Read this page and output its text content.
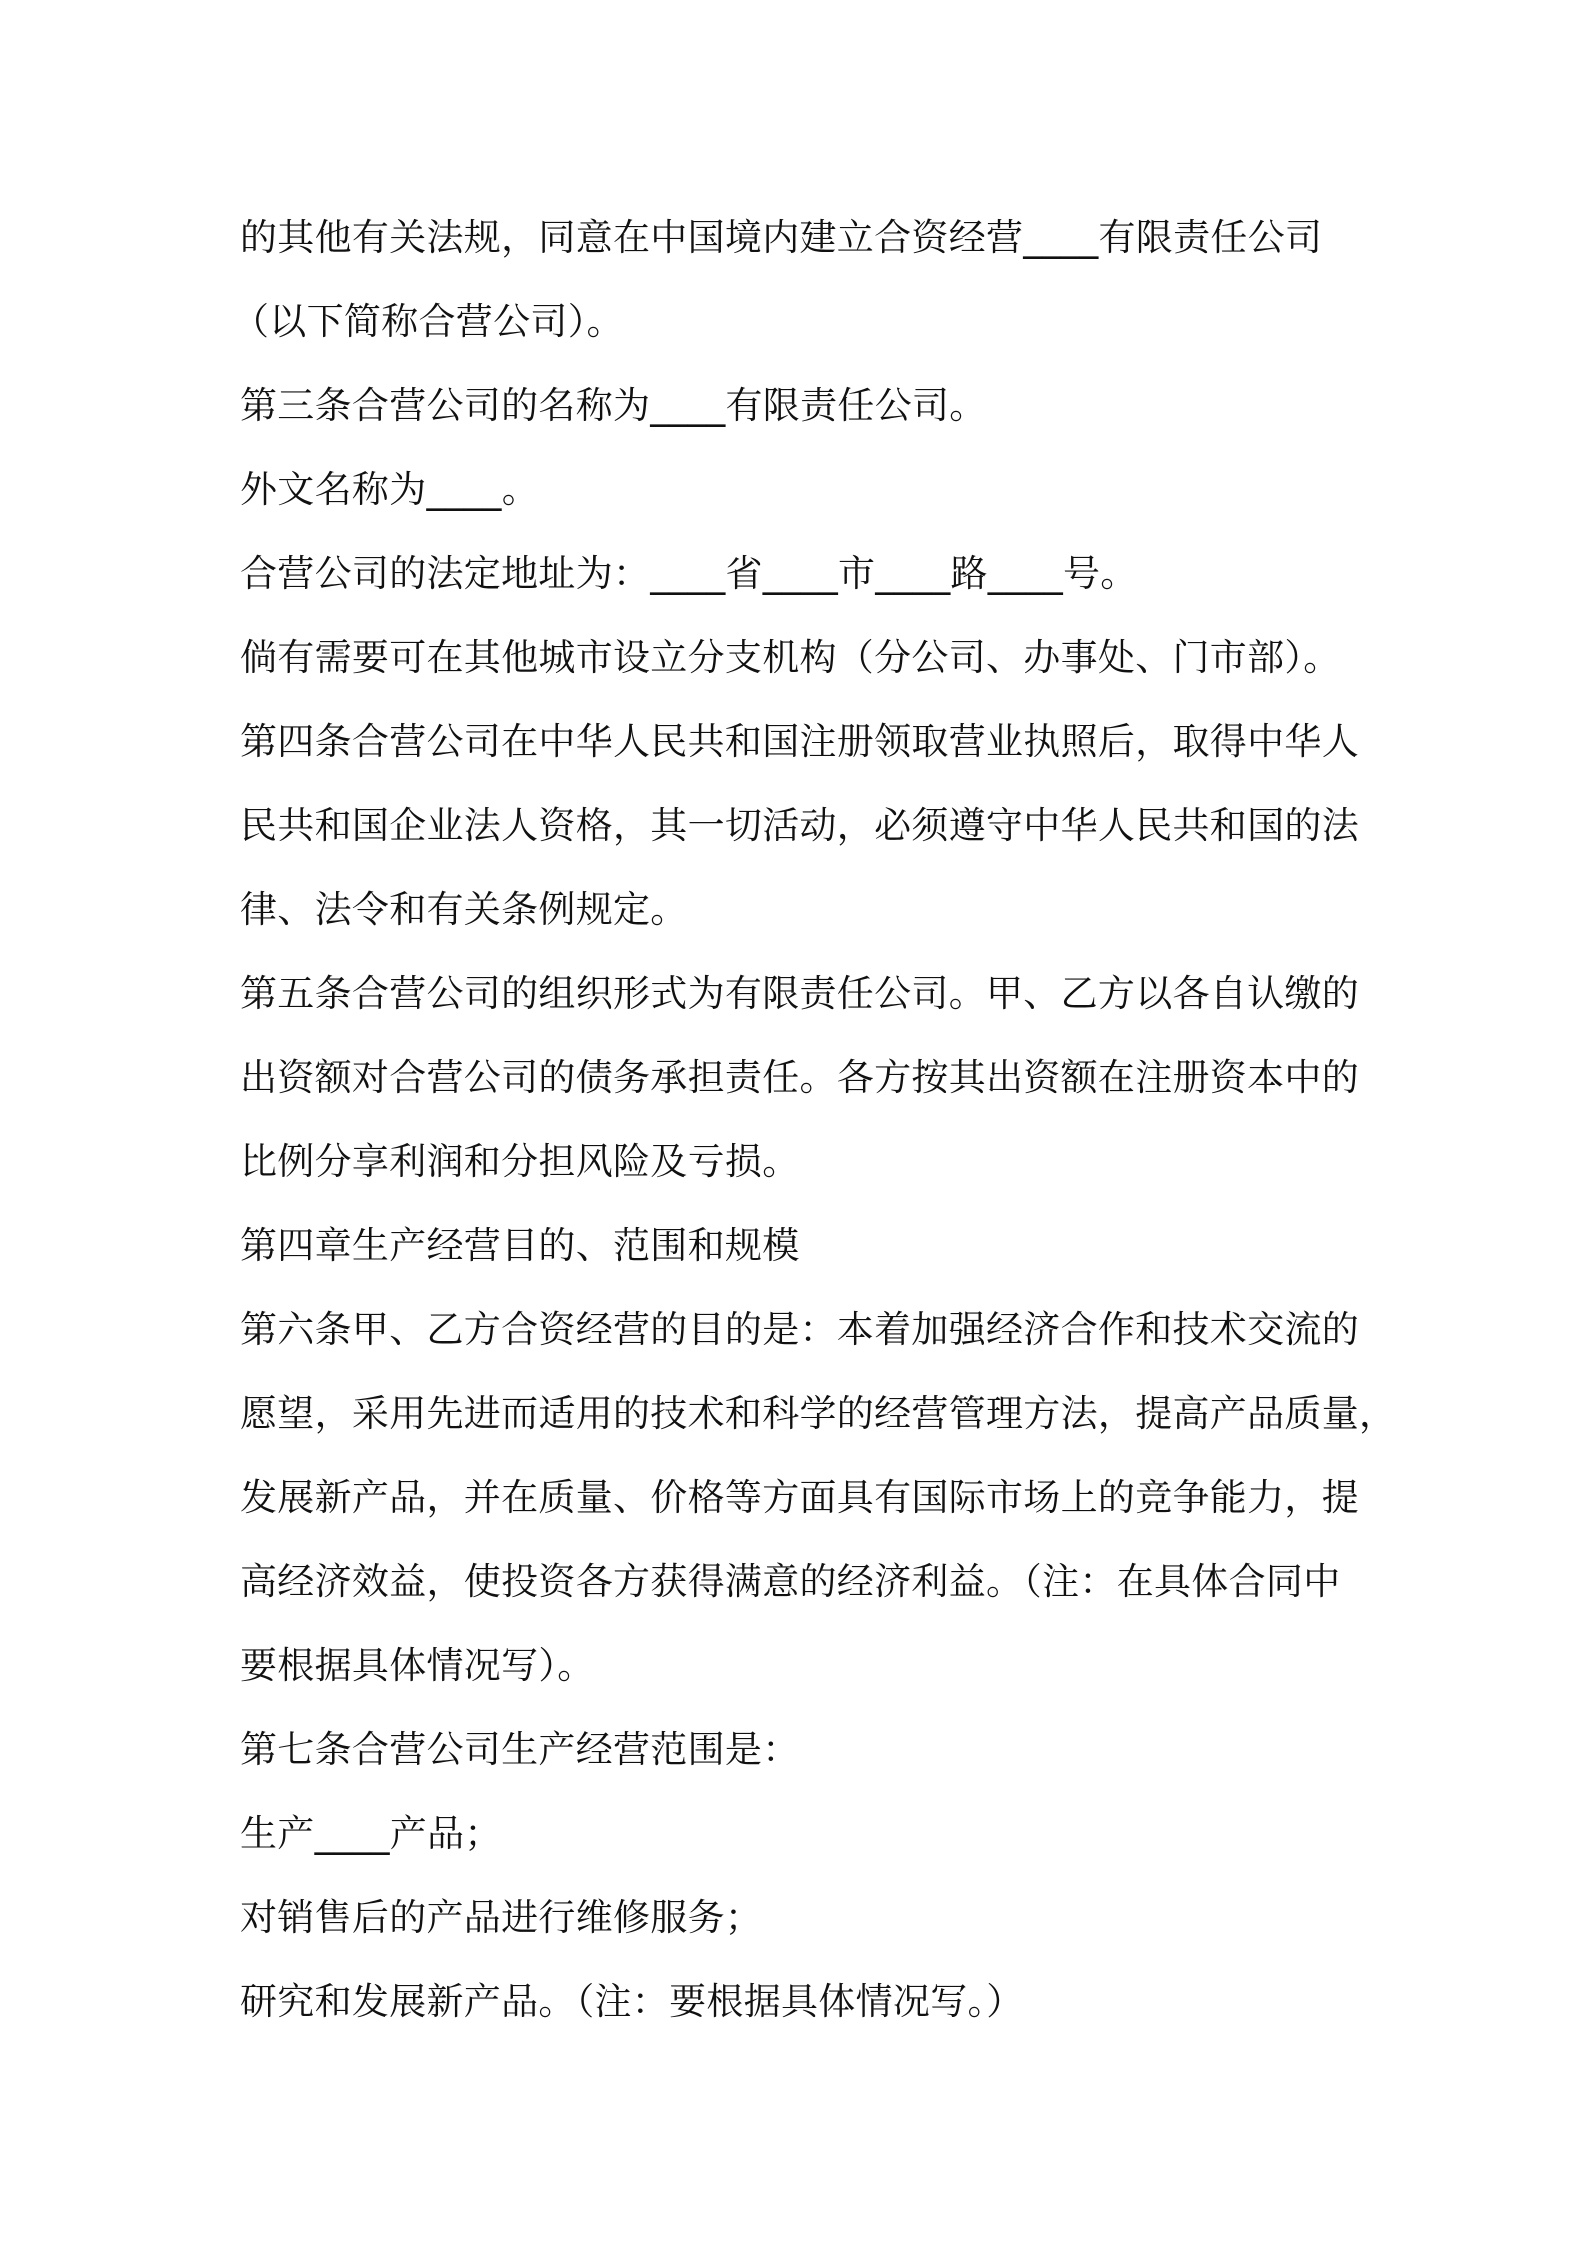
的其他有关法规，同意在中国境内建立合资经营____有限责任公司
（以下简称合营公司）。
第三条合营公司的名称为____有限责任公司。
外文名称为____。
合营公司的法定地址为：____省____市____路____号。
倘有需要可在其他城市设立分支机构（分公司、办事处、门市部）。
第四条合营公司在中华人民共和国注册领取营业执照后，取得中华人
民共和国企业法人资格，其一切活动，必须遵守中华人民共和国的法
律、法令和有关条例规定。
第五条合营公司的组织形式为有限责任公司。甲、乙方以各自认缴的
出资额对合营公司的债务承担责任。各方按其出资额在注册资本中的
比例分享利润和分担风险及亏损。
第四章生产经营目的、范围和规模
第六条甲、乙方合资经营的目的是：本着加强经济合作和技术交流的
愿望，采用先进而适用的技术和科学的经营管理方法，提高产品质量，
发展新产品，并在质量、价格等方面具有国际市场上的竞争能力，提
高经济效益，使投资各方获得满意的经济利益。（注：在具体合同中
要根据具体情况写）。
第七条合营公司生产经营范围是：
生产____产品；
对销售后的产品进行维修服务；
研究和发展新产品。（注：要根据具体情况写。）
